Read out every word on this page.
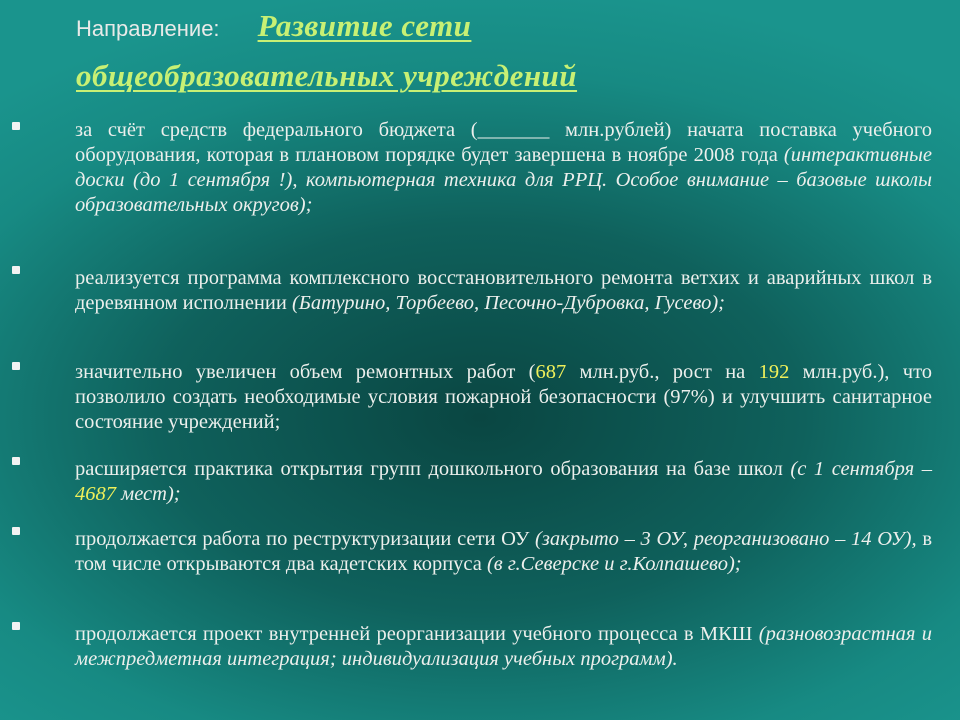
Направление: Развитие сети
общеобразовательных учреждений
за счёт средств федерального бюджета (_______ млн.рублей) начата поставка учебного оборудования, которая в плановом порядке будет завершена в ноябре 2008 года (интерактивные доски (до 1 сентября !), компьютерная техника для РРЦ. Особое внимание – базовые школы образовательных округов);
реализуется программа комплексного восстановительного ремонта ветхих и аварийных школ в деревянном исполнении (Батурино, Торбеево, Песочно-Дубровка, Гусево);
значительно увеличен объем ремонтных работ (687 млн.руб., рост на 192 млн.руб.), что позволило создать необходимые условия пожарной безопасности (97%) и улучшить санитарное состояние учреждений;
расширяется практика открытия групп дошкольного образования на базе школ (с 1 сентября – 4687 мест);
продолжается работа по реструктуризации сети ОУ (закрыто – 3 ОУ, реорганизовано – 14 ОУ), в том числе открываются два кадетских корпуса (в г.Северске и г.Колпашево);
продолжается проект внутренней реорганизации учебного процесса в МКШ (разновозрастная и межпредметная интеграция; индивидуализация учебных программ).
